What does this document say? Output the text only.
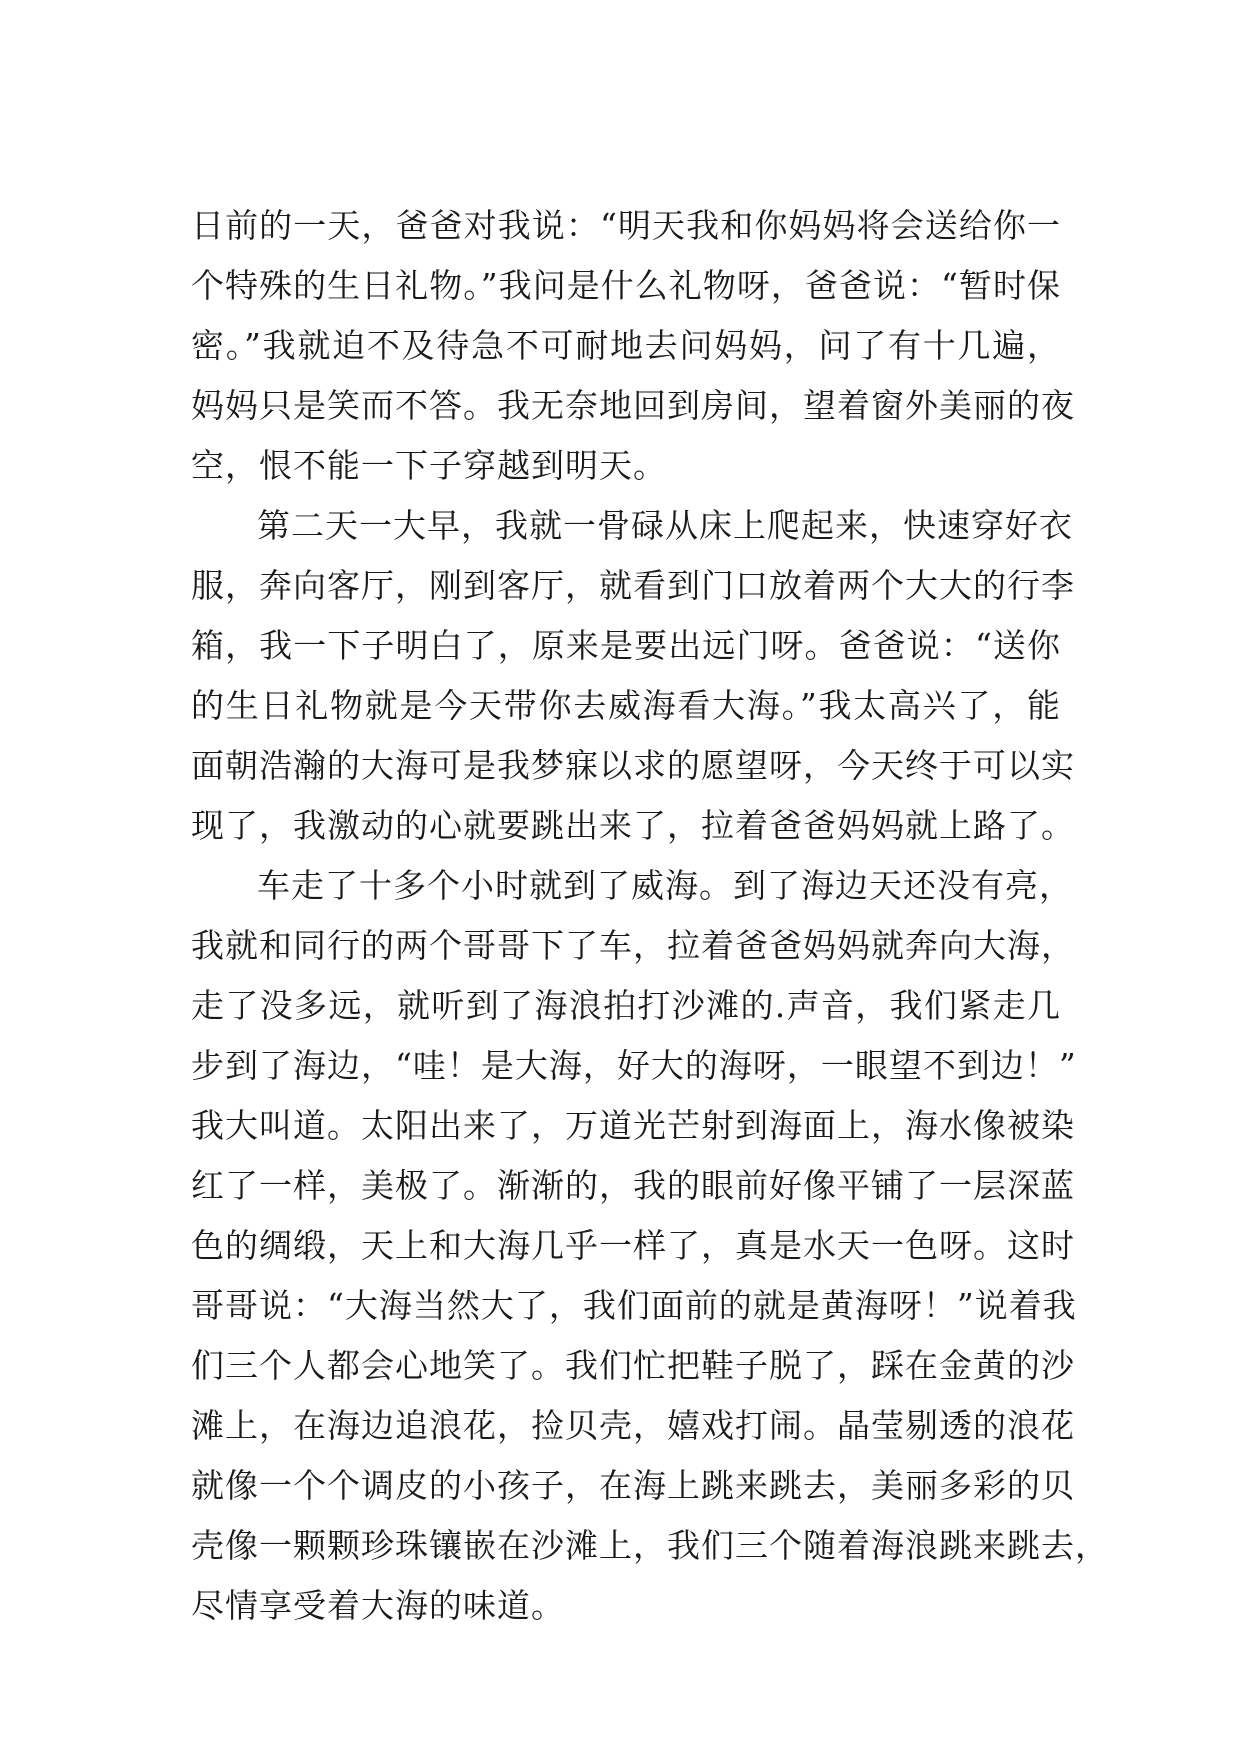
日前的一天，爸爸对我说：“明天我和你妈妈将会送给你一
个特殊的生日礼物。”我问是什么礼物呀，爸爸说：“暂时保
密。”我就迫不及待急不可耐地去问妈妈，问了有十几遍，
妈妈只是笑而不答。我无奈地回到房间，望着窗外美丽的夜
空，恨不能一下子穿越到明天。
第二天一大早，我就一骨碌从床上爬起来，快速穿好衣
服，奔向客厅，刚到客厅，就看到门口放着两个大大的行李
箱，我一下子明白了，原来是要出远门呀。爸爸说：“送你
的生日礼物就是今天带你去威海看大海。”我太高兴了，能
面朝浩瀚的大海可是我梦寐以求的愿望呀，今天终于可以实
现了，我激动的心就要跳出来了，拉着爸爸妈妈就上路了。
车走了十多个小时就到了威海。到了海边天还没有亮，
我就和同行的两个哥哥下了车，拉着爸爸妈妈就奔向大海，
走了没多远，就听到了海浪拍打沙滩的.声音，我们紧走几
步到了海边，“哇！是大海，好大的海呀，一眼望不到边！”
我大叫道。太阳出来了，万道光芒射到海面上，海水像被染
红了一样，美极了。渐渐的，我的眼前好像平铺了一层深蓝
色的绸缎，天上和大海几乎一样了，真是水天一色呀。这时
哥哥说：“大海当然大了，我们面前的就是黄海呀！”说着我
们三个人都会心地笑了。我们忙把鞋子脱了，踩在金黄的沙
滩上，在海边追浪花，捡贝壳，嬉戏打闹。晶莹剔透的浪花
就像一个个调皮的小孩子，在海上跳来跳去，美丽多彩的贝
壳像一颗颗珍珠镶嵌在沙滩上，我们三个随着海浪跳来跳去，
尽情享受着大海的味道。
